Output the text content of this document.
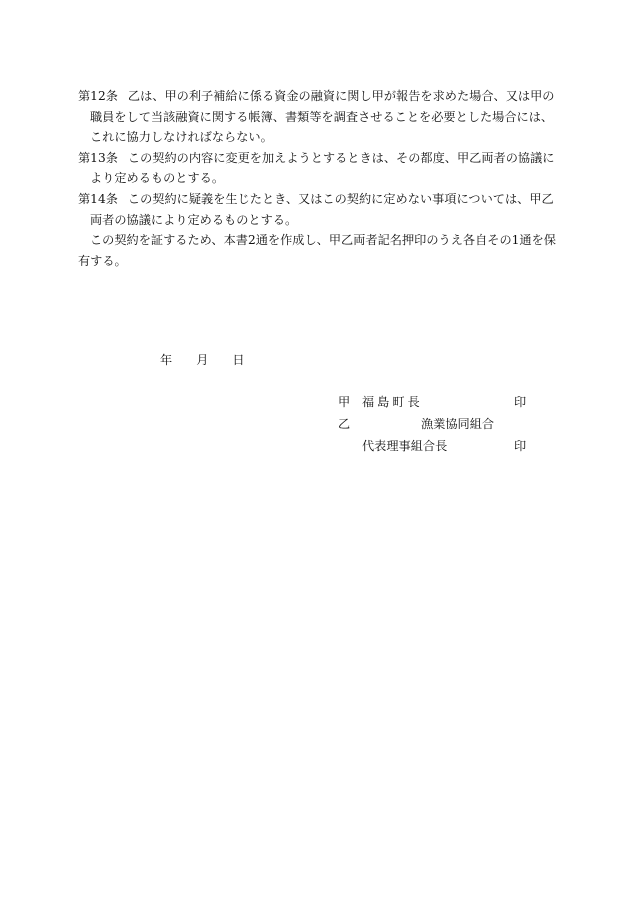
第12条 乙は、甲の利子補給に係る資金の融資に関し甲が報告を求めた場合、又は甲の職員をして当該融資に関する帳簿、書類等を調査させることを必要とした場合には、これに協力しなければならない。

第13条 この契約の内容に変更を加えようとするときは、その都度、甲乙両者の協議により定めるものとする。

第14条 この契約に疑義を生じたとき、又はこの契約に定めない事項については、甲乙両者の協議により定めるものとする。

この契約を証するため、本書2通を作成し、甲乙両者記名押印のうえ各自その1通を保有する。

年 月 日
甲 福島町長	印
乙	漁業協同組合
代表理事組合長	印
